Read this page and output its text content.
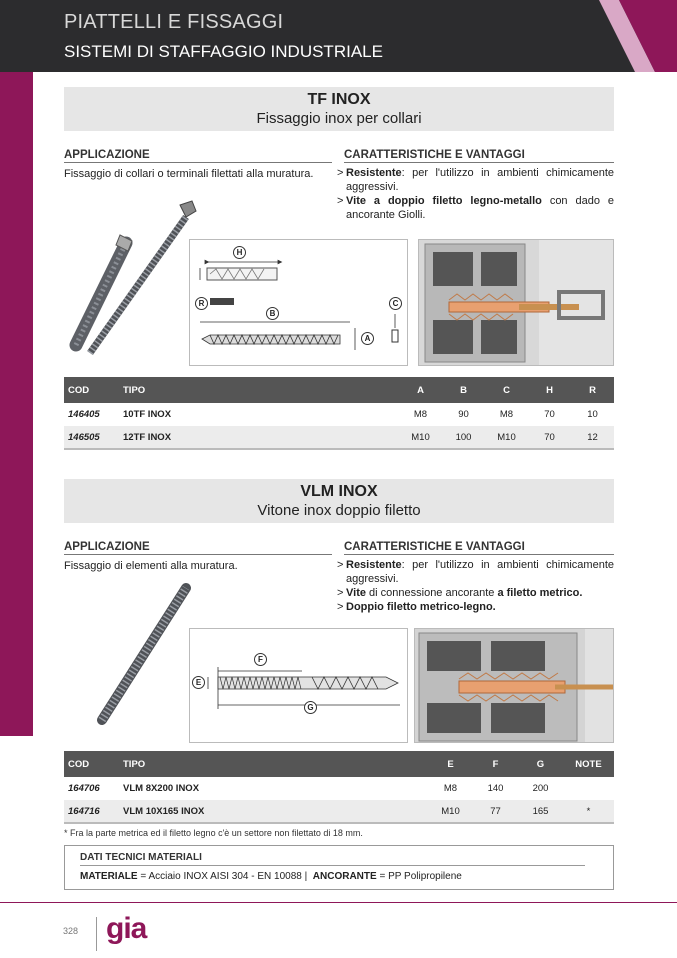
PIATTELLI E FISSAGGI
SISTEMI DI STAFFAGGIO INDUSTRIALE
TF INOX
Fissaggio inox per collari
APPLICAZIONE
Fissaggio di collari o terminali filettati alla muratura.
CARATTERISTICHE E VANTAGGI
> Resistente: per l'utilizzo in ambienti chimicamente aggressivi.
> Vite a doppio filetto legno-metallo con dado e ancorante Giolli.
H
R
B
C
A
COD	TIPO	A	B	C	H	R
146405	10TF INOX	M8	90	M8	70	10
146505	12TF INOX	M10	100	M10	70	12
VLM INOX
Vitone inox doppio filetto
APPLICAZIONE
Fissaggio di elementi alla muratura.
CARATTERISTICHE E VANTAGGI
> Resistente: per l'utilizzo in ambienti chimicamente aggressivi.
> Vite di connessione ancorante a filetto metrico.
> Doppio filetto metrico-legno.
F
E
G
COD	TIPO	E	F	G	NOTE
164706	VLM 8X200 INOX	M8	140	200	
164716	VLM 10X165 INOX	M10	77	165	*
* Fra la parte metrica ed il filetto legno c'è un settore non filettato di 18 mm.
DATI TECNICI MATERIALI
MATERIALE = Acciaio INOX AISI 304 - EN 10088 | ANCORANTE = PP Polipropilene
328 gia
